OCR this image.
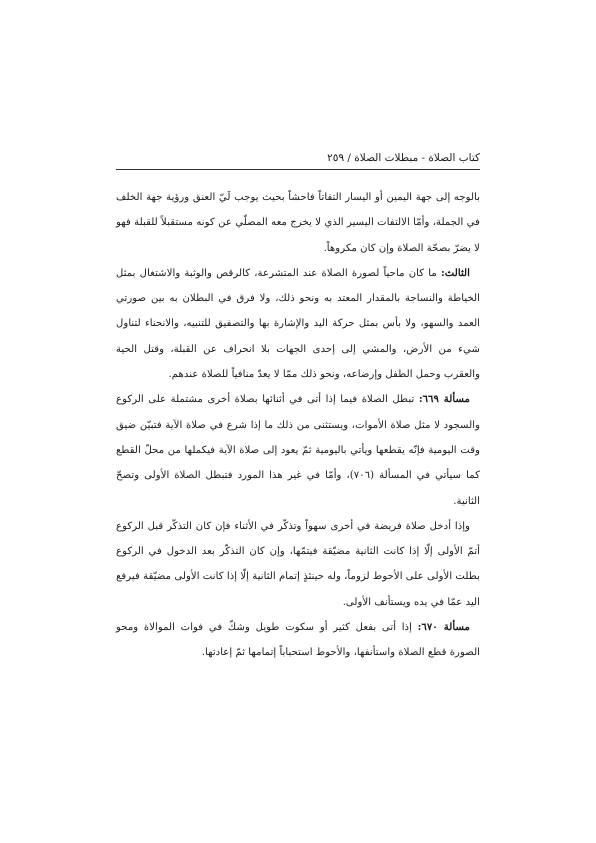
كتاب الصلاة - مبطلات الصلاة / ٢٥٩

بالوجه إلى جهة اليمين أو اليسار التفاتاً فاحشاً بحيث يوجب لَيّ العنق ورؤية جهة الخلف في الجملة، وأمّا الالتفات اليسير الذي لا يخرج معه المصلّي عن كونه مستقبلاً للقبلة فهو لا يضرّ بصحّة الصلاة وإن كان مكروهاً.

الثالث: ما كان ماحياً لصورة الصلاة عند المتشرعة، كالرقص والوثبة والاشتغال بمثل الخياطة والنساجة بالمقدار المعتد به ونحو ذلك، ولا فرق في البطلان به بين صورتي العمد والسهو، ولا بأس بمثل حركة اليد والإشارة بها والتصفيق للتنبيه، والانحناء لتناول شيء من الأرض، والمشي إلى إحدى الجهات بلا انحراف عن القبلة، وقتل الحية والعقرب وحمل الطفل وإرضاعه، ونحو ذلك ممّا لا يعدّ منافياً للصلاة عندهم.

مسألة ٦٦٩: تبطل الصلاة فيما إذا أتى في أثنائها بصلاة أخرى مشتملة على الركوع والسجود لا مثل صلاة الأموات، ويستثنى من ذلك ما إذا شرع في صلاة الآية فتبيّن ضيق وقت اليومية فإنّه يقطعها ويأتي باليومية ثمّ يعود إلى صلاة الآية فيكملها من محلّ القطع كما سيأتي في المسألة (٧٠٦)، وأمّا في غير هذا المورد فتبطل الصلاة الأولى وتصحّ الثانية.

وإذا أدخل صلاة فريضة في أخرى سهواً وتذكّر في الأثناء فإن كان التذكّر قبل الركوع أتمّ الأولى إلّا إذا كانت الثانية مضيّقة فيتمّها، وإن كان التذكّر بعد الدخول في الركوع بطلت الأولى على الأحوط لزوماً، وله حينئذٍ إتمام الثانية إلّا إذا كانت الأولى مضيّقة فيرفع اليد عمّا في يده ويستأنف الأولى.

مسألة ٦٧٠: إذا أتى بفعل كثير أو سكوت طويل وشكّ في فوات الموالاة ومحو الصورة قطع الصلاة واستأنفها، والأحوط استحباباً إتمامها ثمّ إعادتها.
